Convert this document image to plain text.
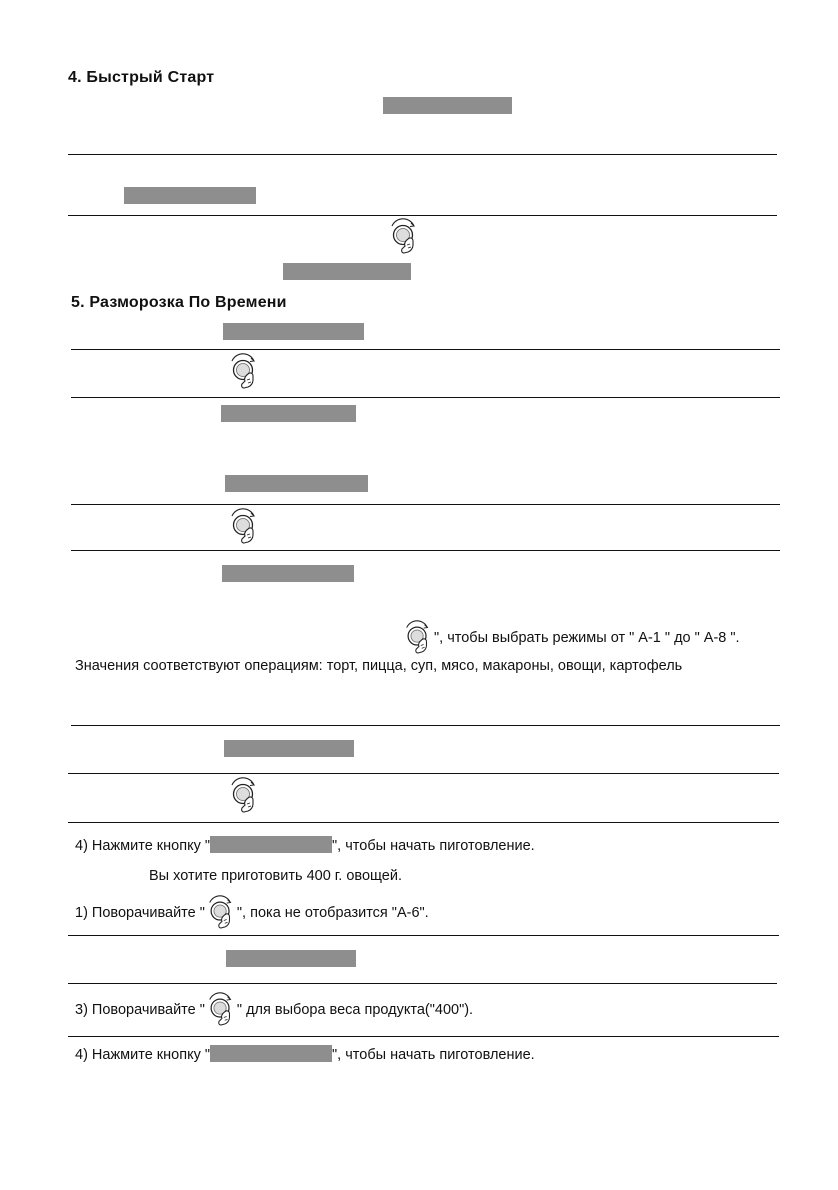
4. Быстрый Старт
5. Разморозка По Времени
", чтобы выбрать режимы от " A-1 " до " A-8 ".
Значения соответствуют операциям: торт, пицца, суп, мясо, макароны, овощи, картофель
4) Нажмите кнопку "	", чтобы начать пиготовление.
Вы хотите приготовить 400 г. овощей.
1) Поворачивайте " ", пока не отобразится "А-6".
3) Поворачивайте " " для выбора веса продукта("400").
4) Нажмите кнопку "	", чтобы начать пиготовление.
